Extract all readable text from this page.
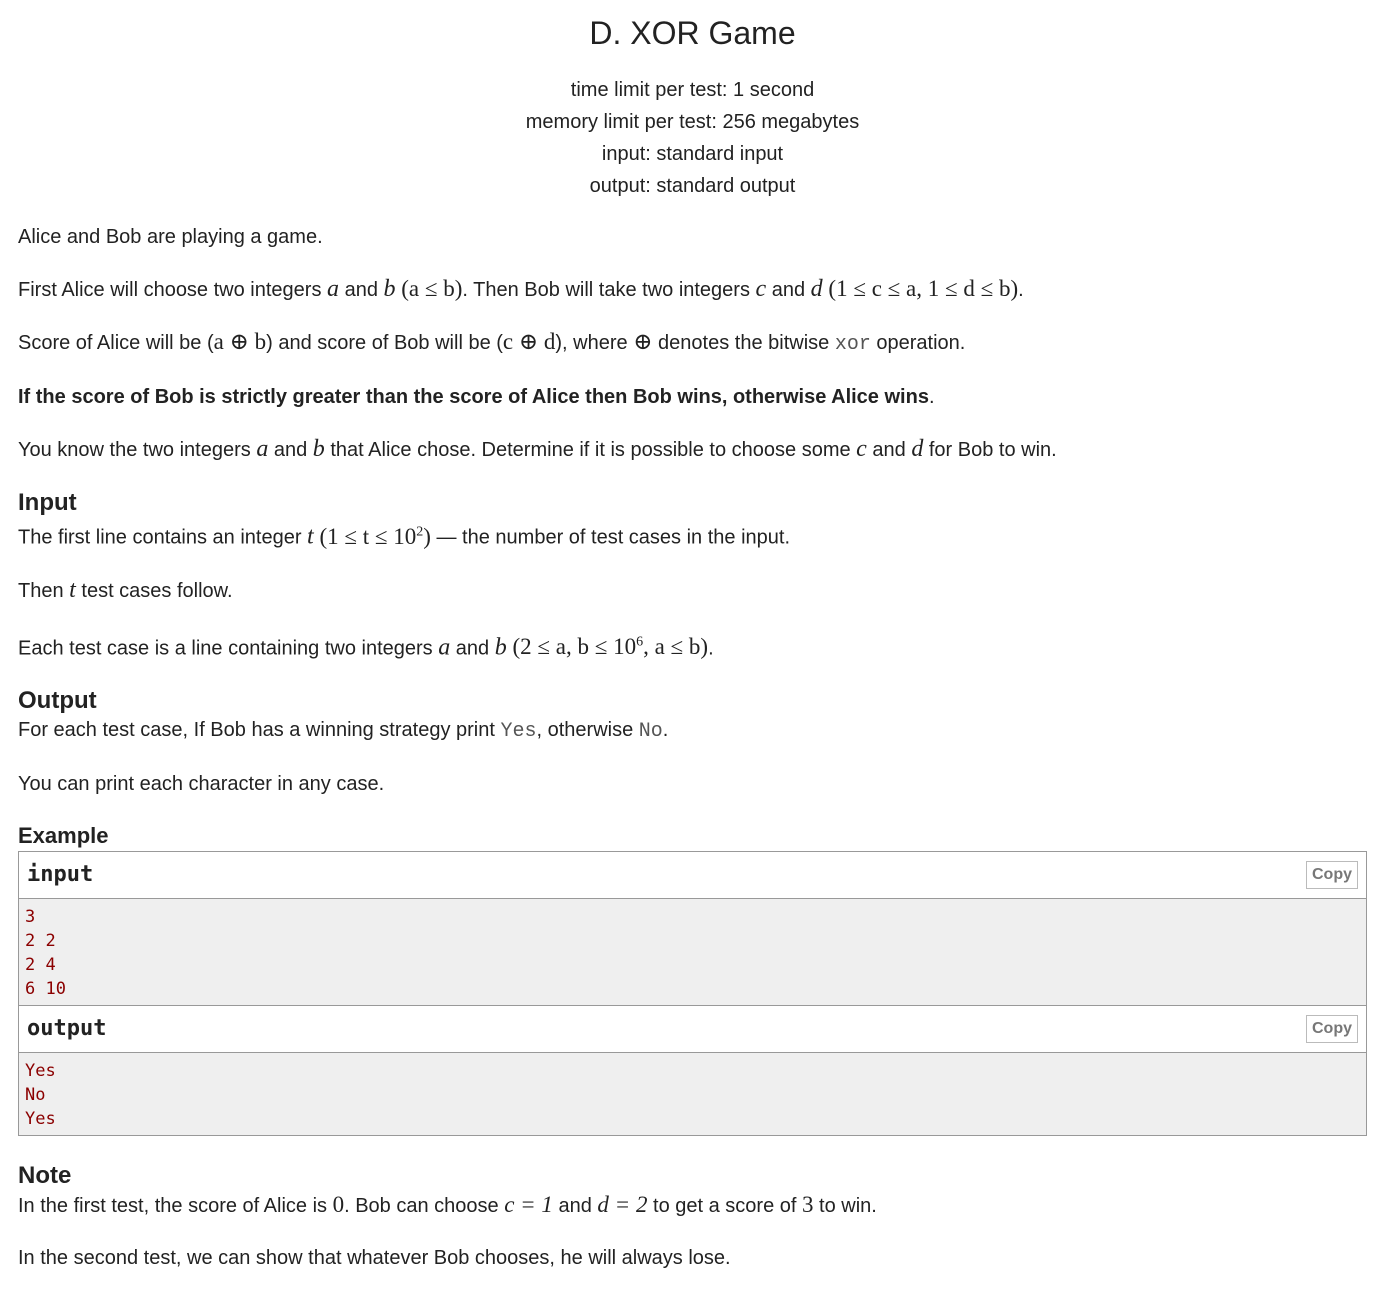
D. XOR Game
time limit per test: 1 second
memory limit per test: 256 megabytes
input: standard input
output: standard output

Alice and Bob are playing a game.

First Alice will choose two integers a and b (a ≤ b). Then Bob will take two integers c and d (1 ≤ c ≤ a, 1 ≤ d ≤ b).

Score of Alice will be (a ⊕ b) and score of Bob will be (c ⊕ d), where ⊕ denotes the bitwise xor operation.

If the score of Bob is strictly greater than the score of Alice then Bob wins, otherwise Alice wins.

You know the two integers a and b that Alice chose. Determine if it is possible to choose some c and d for Bob to win.

Input

The first line contains an integer t $(1 \le t \le 10^2)$ — the number of test cases in the input.

Then t test cases follow.

Each test case is a line containing two integers a and b (2 ≤ a, $b \le 10^6$, a ≤ b).

Output

For each test case, If Bob has a winning strategy print Yes, otherwise No.

You can print each character in any case.

Example
input	Copy
3
2 2
2 4
6 10
output	Copy
Yes
No
Yes
Note

In the first test, the score of Alice is 0. Bob can choose c = 1 and d = 2 to get a score of 3 to win.

In the second test, we can show that whatever Bob chooses, he will always lose.
